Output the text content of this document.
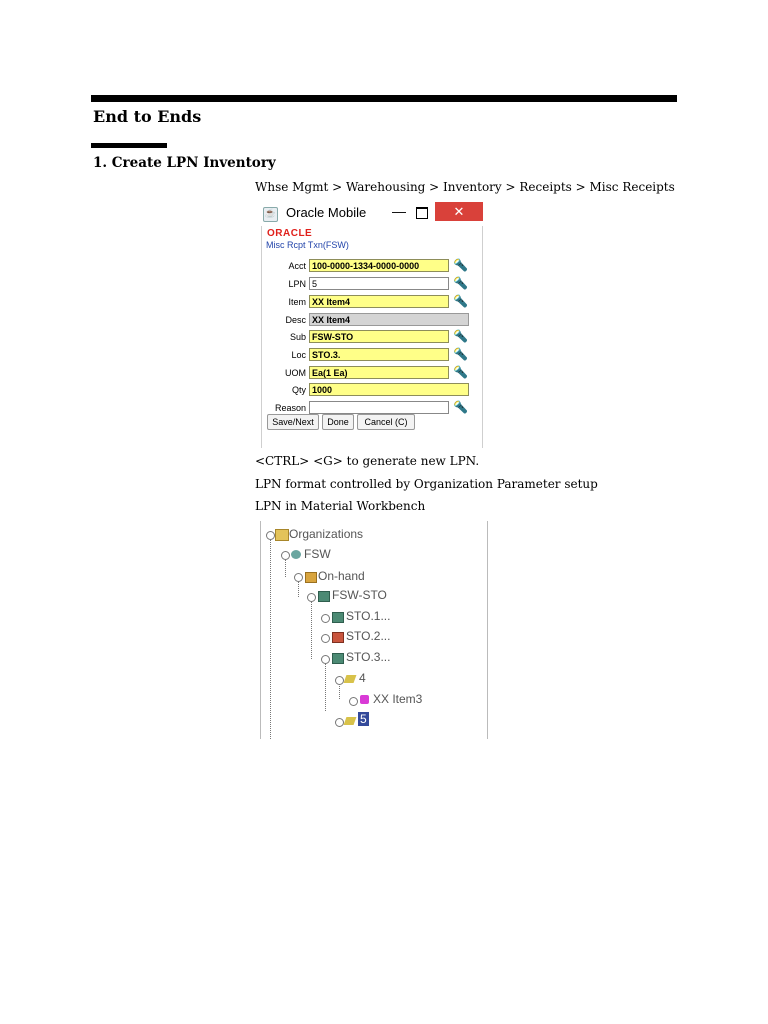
End to Ends
1. Create LPN Inventory
Whse Mgmt > Warehousing > Inventory > Receipts > Misc Receipts
☕ Oracle Mobile —	✕
ORACLE
Misc Rcpt Txn(FSW)
Acct 100-0000-1334-0000-0000	🔦
LPN 5	🔦
Item XX Item4	🔦
Desc XX Item4
Sub FSW-STO	🔦
Loc STO.3.	🔦
UOM Ea(1 Ea)	🔦
Qty 1000
Reason	🔦
Save/Next	Done	Cancel (C)
<CTRL> <G> to generate new LPN.
LPN format controlled by Organization Parameter setup
LPN in Material Workbench
Organizations
FSW
On-hand
FSW-STO
STO.1...
STO.2...
STO.3...
4
XX Item3
5
